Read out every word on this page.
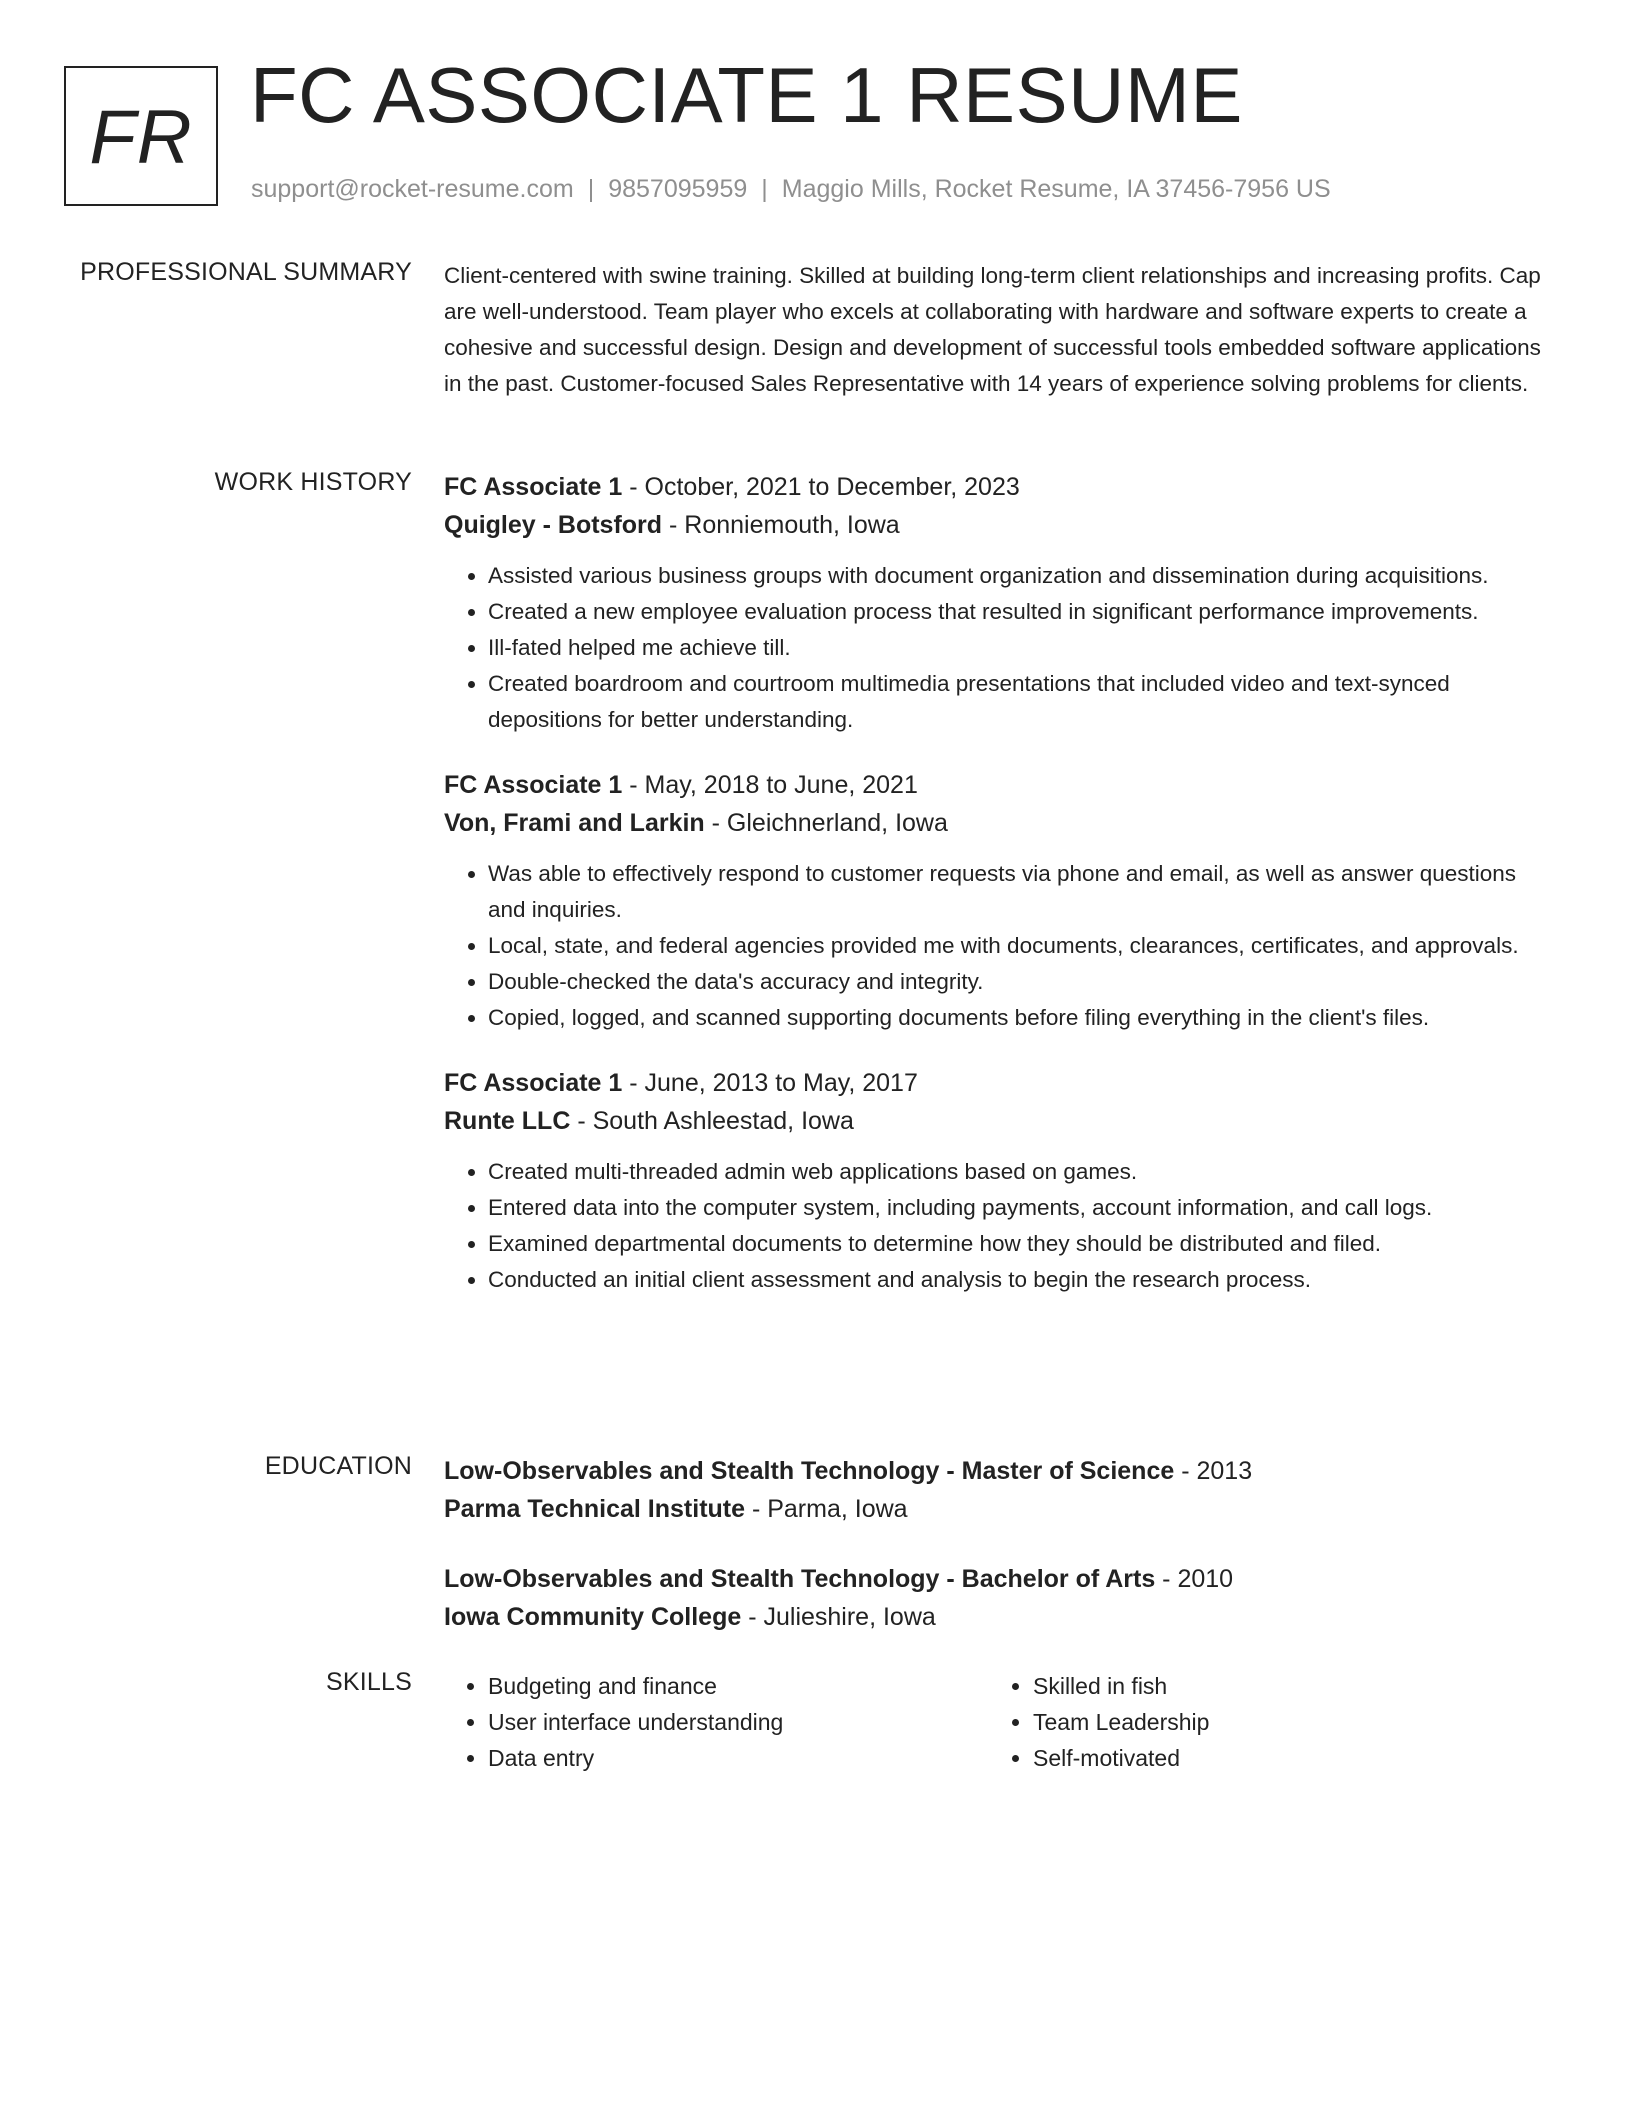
FR FC ASSOCIATE 1 RESUME
support@rocket-resume.com | 9857095959 | Maggio Mills, Rocket Resume, IA 37456-7956 US
PROFESSIONAL SUMMARY Client-centered with swine training. Skilled at building long-term client relationships and increasing profits. Cap are well-understood. Team player who excels at collaborating with hardware and software experts to create a cohesive and successful design. Design and development of successful tools embedded software applications in the past. Customer-focused Sales Representative with 14 years of experience solving problems for clients.

WORK HISTORY FC Associate 1 - October, 2021 to December, 2023
Quigley - Botsford - Ronniemouth, Iowa
• Assisted various business groups with document organization and dissemination during acquisitions.
• Created a new employee evaluation process that resulted in significant performance improvements.
• Ill-fated helped me achieve till.
• Created boardroom and courtroom multimedia presentations that included video and text-synced depositions for better understanding.
FC Associate 1 - May, 2018 to June, 2021
Von, Frami and Larkin - Gleichnerland, Iowa
• Was able to effectively respond to customer requests via phone and email, as well as answer questions and inquiries.
• Local, state, and federal agencies provided me with documents, clearances, certificates, and approvals.
• Double-checked the data's accuracy and integrity.
• Copied, logged, and scanned supporting documents before filing everything in the client's files.
FC Associate 1 - June, 2013 to May, 2017
Runte LLC - South Ashleestad, Iowa
• Created multi-threaded admin web applications based on games.
• Entered data into the computer system, including payments, account information, and call logs.
• Examined departmental documents to determine how they should be distributed and filed.
• Conducted an initial client assessment and analysis to begin the research process.
EDUCATION Low-Observables and Stealth Technology - Master of Science - 2013
Parma Technical Institute - Parma, Iowa
Low-Observables and Stealth Technology - Bachelor of Arts - 2010
Iowa Community College - Julieshire, Iowa
SKILLS
•	Budgeting and finance
• User interface understanding
• Data entry
• Skilled in fish
• Team Leadership
• Self-motivated
